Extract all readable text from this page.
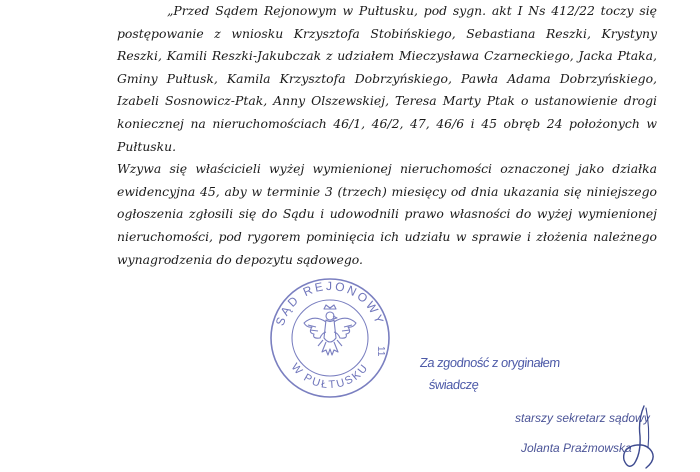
„Przed Sądem Rejonowym w Pułtusku, pod sygn. akt I Ns 412/22 toczy się postępowanie z wniosku Krzysztofa Stobińskiego, Sebastiana Reszki, Krystyny Reszki, Kamili Reszki-Jakubczak z udziałem Mieczysława Czarneckiego, Jacka Ptaka, Gminy Pułtusk, Kamila Krzysztofa Dobrzyńskiego, Pawła Adama Dobrzyńskiego, Izabeli Sosnowicz-Ptak, Anny Olszewskiej, Teresa Marty Ptak o ustanowienie drogi koniecznej na nieruchomościach 46/1, 46/2, 47, 46/6 i 45 obręb 24 położonych w Pułtusku.

Wzywa się właścicieli wyżej wymienionej nieruchomości oznaczonej jako działka ewidencyjna 45, aby w terminie 3 (trzech) miesięcy od dnia ukazania się niniejszego ogłoszenia zgłosili się do Sądu i udowodnili prawo własności do wyżej wymienionej nieruchomości, pod rygorem pominięcia ich udziału w sprawie i złożenia należnego wynagrodzenia do depozytu sądowego.

SĄD REJONOWY
W PUŁTUSKU
11
Za zgodność z oryginałem
świadczę
starszy sekretarz sądowy
Jolanta Prażmowska
